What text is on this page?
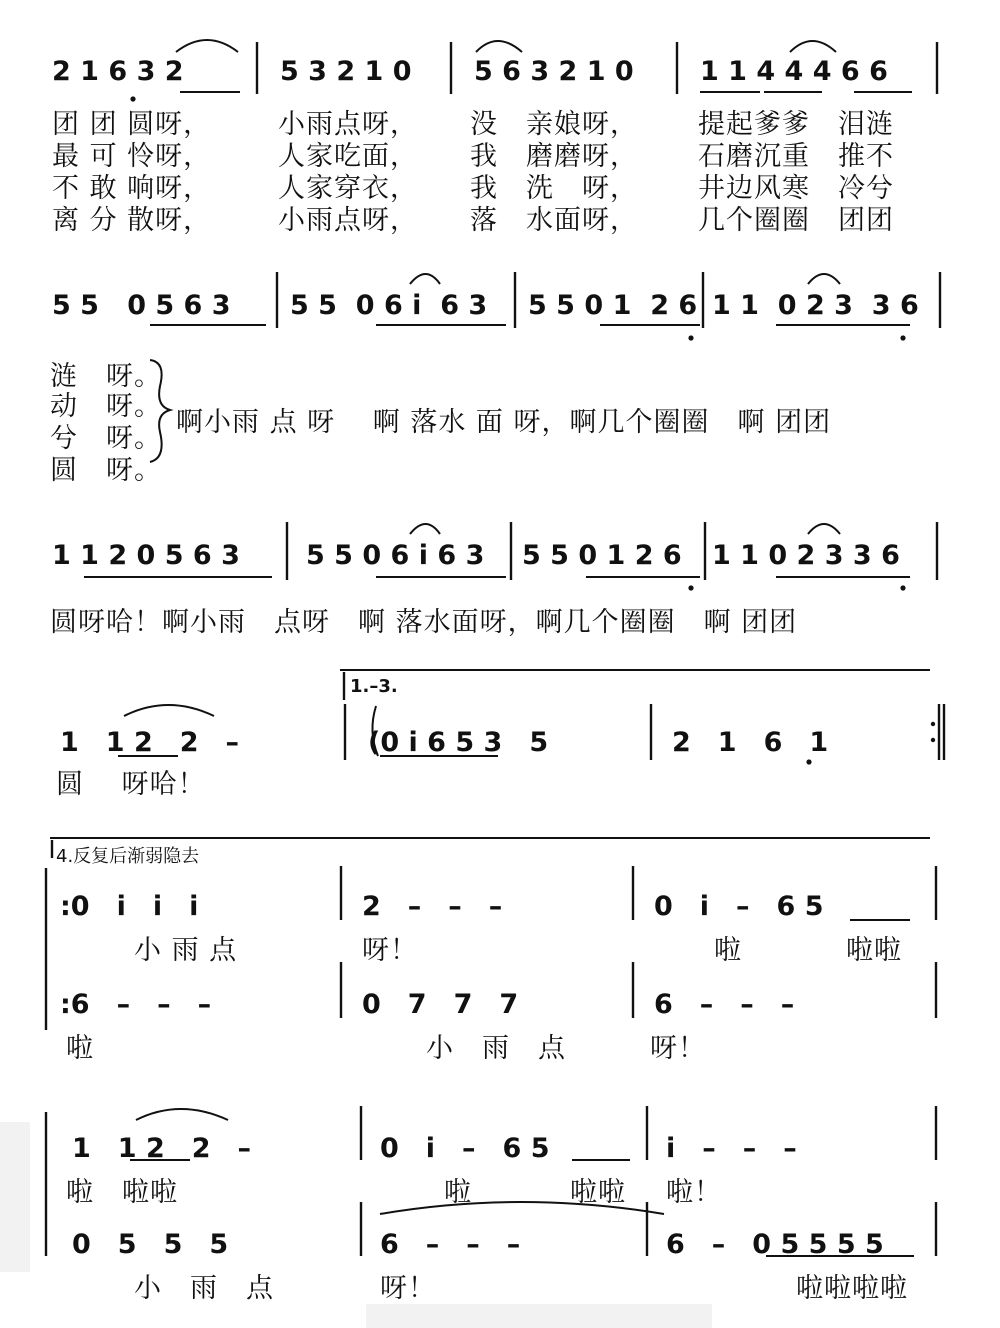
2 1 6 3 2	5 3 2 1 0 5 6 3 2 1 0 1 1 4 4 4 6 6
团 团 圆呀， 小雨点呀， 没　亲娘呀， 提起爹爹　泪涟
最 可 怜呀， 人家吃面， 我　磨磨呀， 石磨沉重　推不
不 敢 响呀， 人家穿衣， 我　洗　呀， 井边风寒　冷兮
离 分 散呀， 小雨点呀， 落　水面呀， 几个圈圈　团团
5 5 0 5 6 3 5 5 0 6 i 6 3 5 5 0 1 2 6 1 1 0 2 3 3 6
涟　呀。
动　呀。
兮　呀。
圆　呀。
啊小雨 点 呀　 啊 落水 面 呀，啊几个圈圈　啊 团团
1 1 2 0 5 6 3 5 5 0 6 i 6 3 5 5 0 1 2 6 1 1 0 2 3 3 6
圆呀哈！啊小雨　点呀　啊 落水面呀，啊几个圈圈　啊 团团
1.–3.
1　1 2　2　–	(0 i 6 5 3　5	2　1　6　1
圆　 呀哈！
4.反复后渐弱隐去
:0　i　i　i	2　–　–　–	0　i　–　6 5
小 雨 点	呀！	啦	啦啦
:6　–　–　–	0　7　7　7	6　–　–　–
啦	小　雨　点	呀！
1　1 2　2　–	0　i　–　6 5	i　–　–　–
啦　啦啦	啦	啦啦 啦！
0　5　5　5	6　–　–　–	6　–　0 5 5 5 5
小　雨　点	呀！	啦啦啦啦
